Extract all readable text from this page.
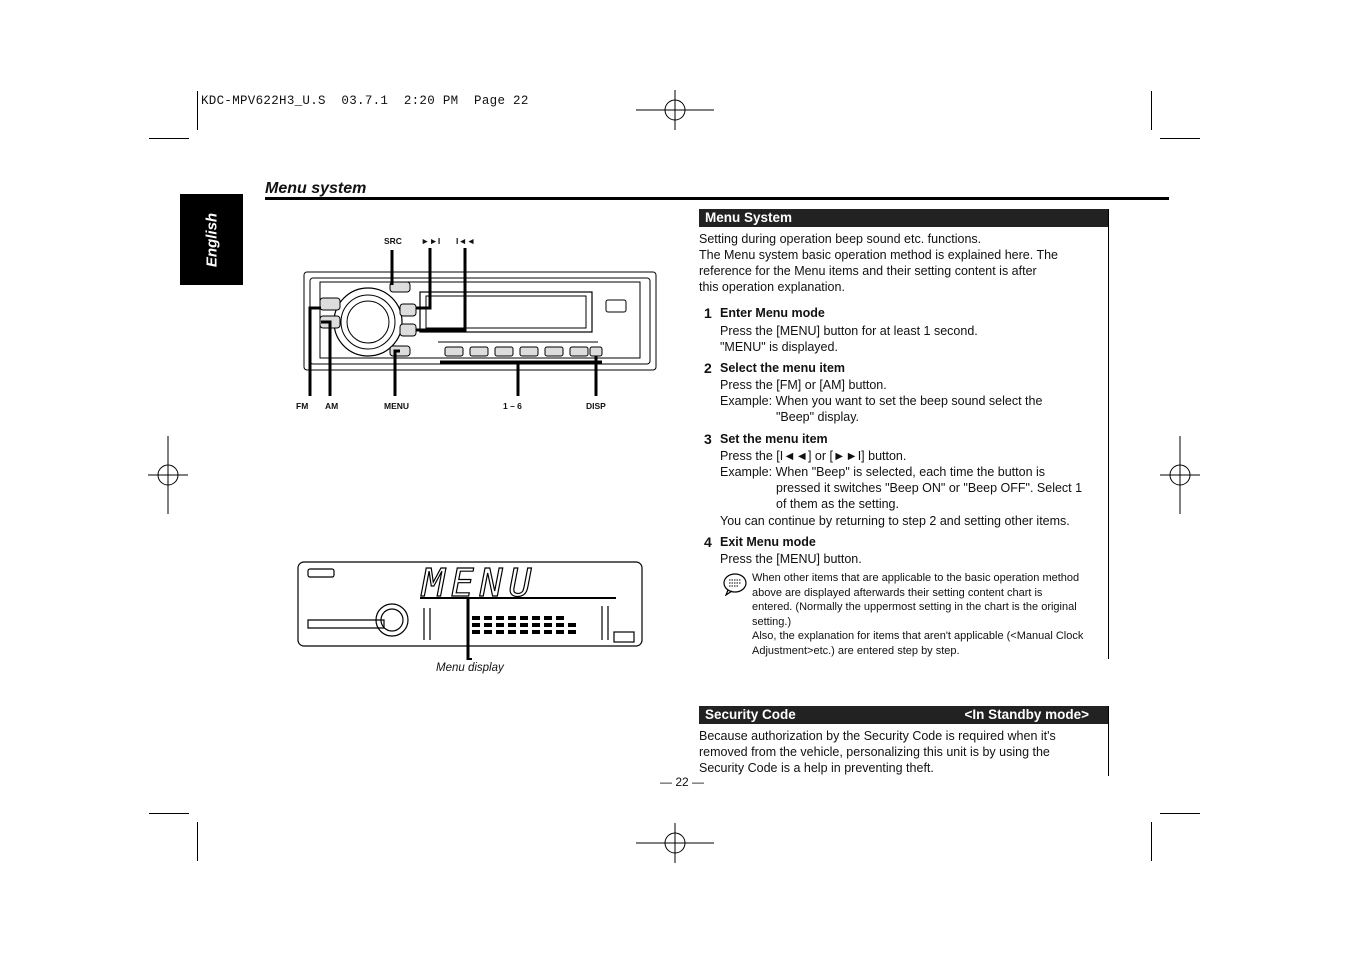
KDC-MPV622H3_U.S  03.7.1  2:20 PM  Page 22
English
Menu system
SRC ►►I I◄◄
FM AM	MENU	1 – 6	DISP
MENU
Menu display
Menu System
Setting during operation beep sound etc. functions.
The Menu system basic operation method is explained here. The
reference for the Menu items and their setting content is after
this operation explanation.
1 Enter Menu mode
Press the [MENU] button for at least 1 second.
"MENU" is displayed.
2 Select the menu item
Press the [FM] or [AM] button.
Example: When you want to set the beep sound select the
"Beep" display.
3 Set the menu item
Press the [I◄◄] or [►►I] button.
Example: When "Beep" is selected, each time the button is
pressed it switches "Beep ON" or "Beep OFF". Select 1
of them as the setting.
You can continue by returning to step 2 and setting other items.
4 Exit Menu mode
Press the [MENU] button.
When other items that are applicable to the basic operation method
above are displayed afterwards their setting content chart is
entered. (Normally the uppermost setting in the chart is the original
setting.)
Also, the explanation for items that aren't applicable (<Manual Clock
Adjustment>etc.) are entered step by step.
Security Code	<In Standby mode>
Because authorization by the Security Code is required when it's
removed from the vehicle, personalizing this unit is by using the
Security Code is a help in preventing theft.
— 22 —
